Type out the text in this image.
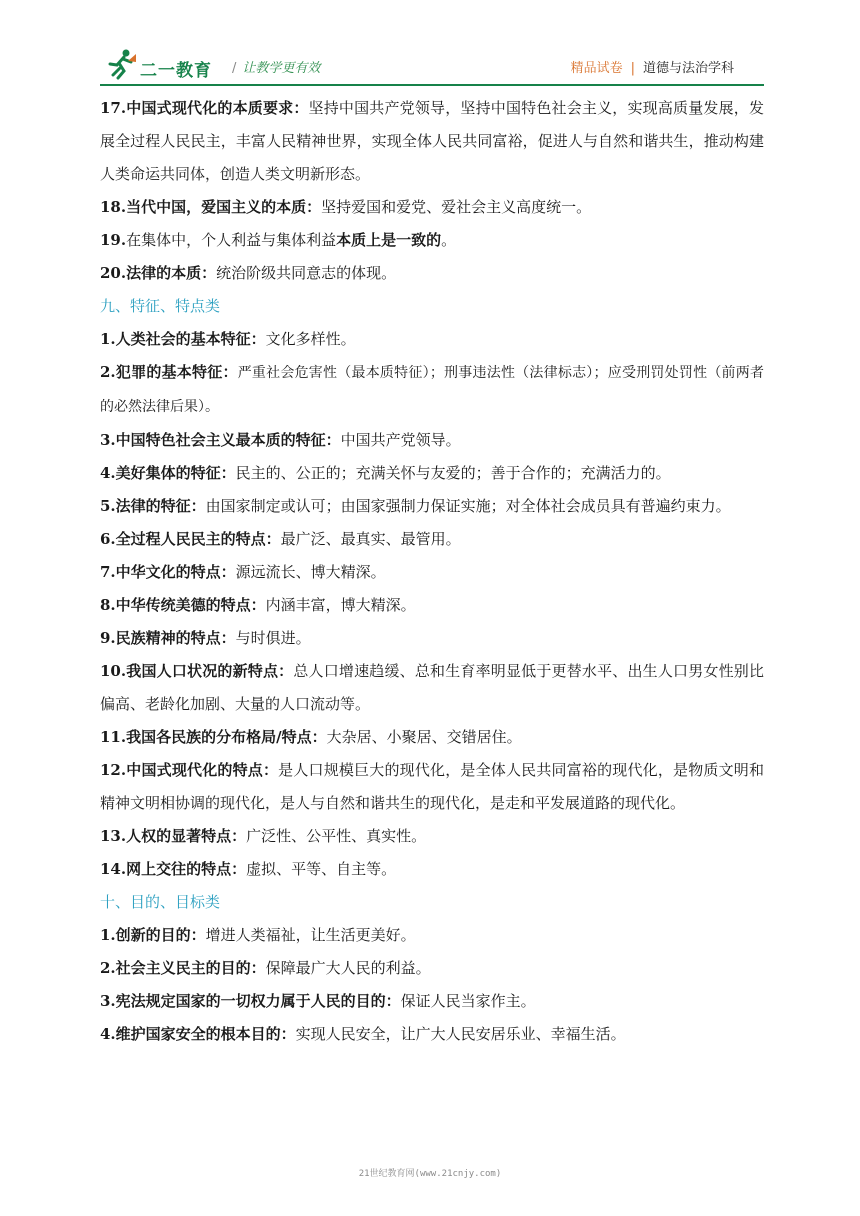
二一教育 / 让教学更有效	精品试卷 | 道德与法治学科

17.中国式现代化的本质要求：坚持中国共产党领导，坚持中国特色社会主义，实现高质量发展，发展全过程人民民主，丰富人民精神世界，实现全体人民共同富裕，促进人与自然和谐共生，推动构建人类命运共同体，创造人类文明新形态。

18.当代中国，爱国主义的本质：坚持爱国和爱党、爱社会主义高度统一。

19.在集体中，个人利益与集体利益本质上是一致的。

20.法律的本质：统治阶级共同意志的体现。

九、特征、特点类

1.人类社会的基本特征：文化多样性。

2.犯罪的基本特征：严重社会危害性（最本质特征）；刑事违法性（法律标志）；应受刑罚处罚性（前两者的必然法律后果）。

3.中国特色社会主义最本质的特征：中国共产党领导。

4.美好集体的特征：民主的、公正的；充满关怀与友爱的；善于合作的；充满活力的。

5.法律的特征：由国家制定或认可；由国家强制力保证实施；对全体社会成员具有普遍约束力。

6.全过程人民民主的特点：最广泛、最真实、最管用。

7.中华文化的特点：源远流长、博大精深。

8.中华传统美德的特点：内涵丰富，博大精深。

9.民族精神的特点：与时俱进。

10.我国人口状况的新特点：总人口增速趋缓、总和生育率明显低于更替水平、出生人口男女性别比偏高、老龄化加剧、大量的人口流动等。

11.我国各民族的分布格局/特点：大杂居、小聚居、交错居住。

12.中国式现代化的特点：是人口规模巨大的现代化，是全体人民共同富裕的现代化，是物质文明和精神文明相协调的现代化，是人与自然和谐共生的现代化，是走和平发展道路的现代化。

13.人权的显著特点：广泛性、公平性、真实性。

14.网上交往的特点：虚拟、平等、自主等。

十、目的、目标类

1.创新的目的：增进人类福祉，让生活更美好。

2.社会主义民主的目的：保障最广大人民的利益。

3.宪法规定国家的一切权力属于人民的目的：保证人民当家作主。

4.维护国家安全的根本目的：实现人民安全，让广大人民安居乐业、幸福生活。

21世纪教育网(www.21cnjy.com)
